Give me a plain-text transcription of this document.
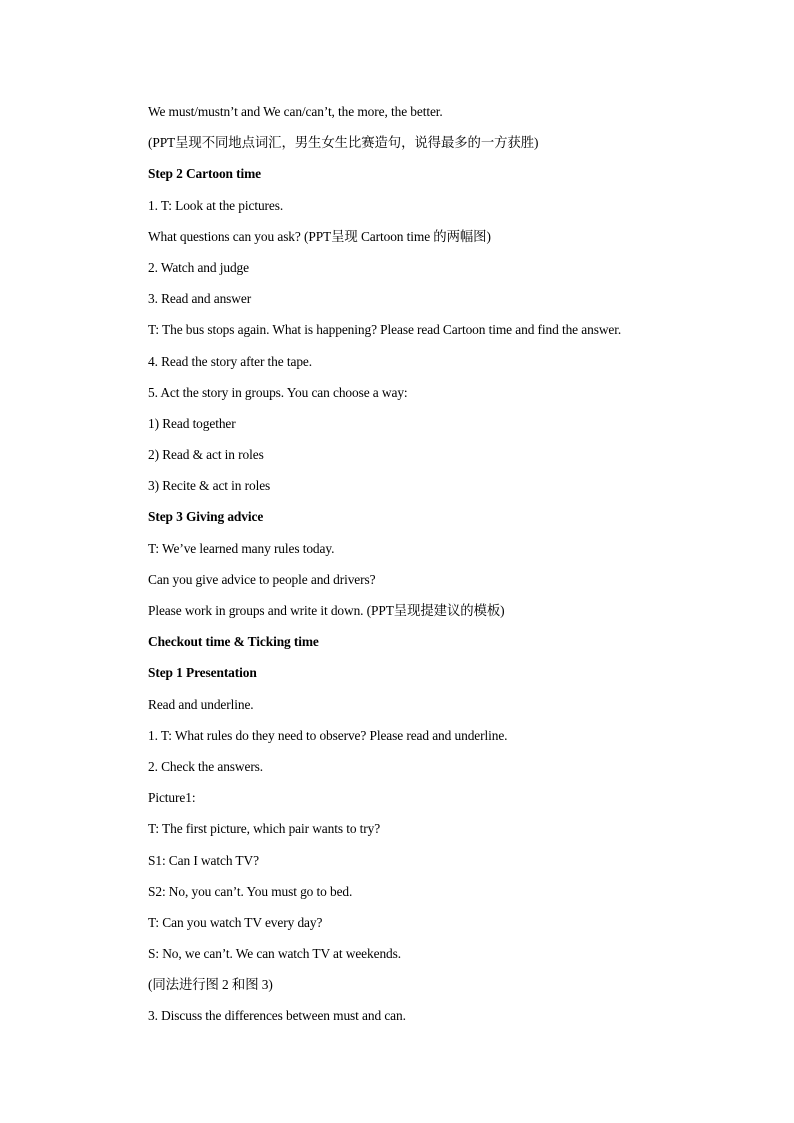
We must/mustn’t and We can/can’t, the more, the better.
(PPT呈现不同地点词汇，男生女生比赛造句，说得最多的一方获胜)
Step 2 Cartoon time
1. T: Look at the pictures.
What questions can you ask? (PPT呈现 Cartoon time 的两幅图)
2. Watch and judge
3. Read and answer
T: The bus stops again. What is happening? Please read Cartoon time and find the answer.
4. Read the story after the tape.
5. Act the story in groups. You can choose a way:
1) Read together
2) Read & act in roles
3) Recite & act in roles
Step 3 Giving advice
T: We’ve learned many rules today.
Can you give advice to people and drivers?
Please work in groups and write it down. (PPT呈现提建议的模板)
Checkout time & Ticking time
Step 1 Presentation
Read and underline.
1. T: What rules do they need to observe? Please read and underline.
2. Check the answers.
Picture1:
T: The first picture, which pair wants to try?
S1: Can I watch TV?
S2: No, you can’t. You must go to bed.
T: Can you watch TV every day?
S: No, we can’t. We can watch TV at weekends.
(同法进行图 2 和图 3)
3. Discuss the differences between must and can.
